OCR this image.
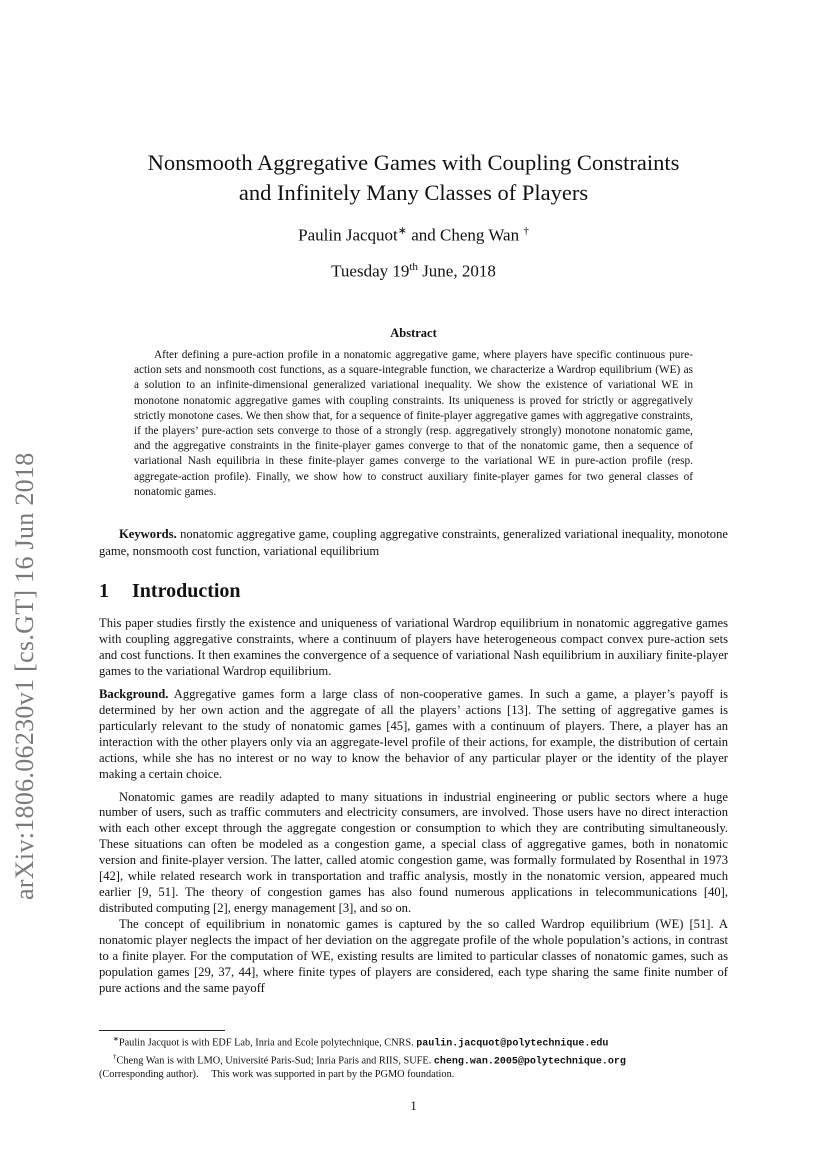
arXiv:1806.06230v1 [cs.GT] 16 Jun 2018
Nonsmooth Aggregative Games with Coupling Constraints
and Infinitely Many Classes of Players
Paulin Jacquot∗ and Cheng Wan †
Tuesday 19th June, 2018
Abstract
After defining a pure-action profile in a nonatomic aggregative game, where players have specific continuous pure-action sets and nonsmooth cost functions, as a square-integrable function, we characterize a Wardrop equilibrium (WE) as a solution to an infinite-dimensional generalized variational inequality. We show the existence of variational WE in monotone nonatomic aggregative games with coupling constraints. Its uniqueness is proved for strictly or aggregatively strictly monotone cases. We then show that, for a sequence of finite-player aggregative games with aggregative constraints, if the players’ pure-action sets converge to those of a strongly (resp. aggregatively strongly) monotone nonatomic game, and the aggregative constraints in the finite-player games converge to that of the nonatomic game, then a sequence of variational Nash equilibria in these finite-player games converge to the variational WE in pure-action profile (resp. aggregate-action profile). Finally, we show how to construct auxiliary finite-player games for two general classes of nonatomic games.
Keywords. nonatomic aggregative game, coupling aggregative constraints, generalized variational inequality, monotone game, nonsmooth cost function, variational equilibrium
1 Introduction

This paper studies firstly the existence and uniqueness of variational Wardrop equilibrium in nonatomic aggregative games with coupling aggregative constraints, where a continuum of players have heterogeneous compact convex pure-action sets and cost functions. It then examines the convergence of a sequence of variational Nash equilibrium in auxiliary finite-player games to the variational Wardrop equilibrium.

Background. Aggregative games form a large class of non-cooperative games. In such a game, a player’s payoff is determined by her own action and the aggregate of all the players’ actions [13]. The setting of aggregative games is particularly relevant to the study of nonatomic games [45], games with a continuum of players. There, a player has an interaction with the other players only via an aggregate-level profile of their actions, for example, the distribution of certain actions, while she has no interest or no way to know the behavior of any particular player or the identity of the player making a certain choice.

Nonatomic games are readily adapted to many situations in industrial engineering or public sectors where a huge number of users, such as traffic commuters and electricity consumers, are involved. Those users have no direct interaction with each other except through the aggregate congestion or consumption to which they are contributing simultaneously. These situations can often be modeled as a congestion game, a special class of aggregative games, both in nonatomic version and finite-player version. The latter, called atomic congestion game, was formally formulated by Rosenthal in 1973 [42], while related research work in transportation and traffic analysis, mostly in the nonatomic version, appeared much earlier [9, 51]. The theory of congestion games has also found numerous applications in telecommunications [40], distributed computing [2], energy management [3], and so on.

The concept of equilibrium in nonatomic games is captured by the so called Wardrop equilibrium (WE) [51]. A nonatomic player neglects the impact of her deviation on the aggregate profile of the whole population’s actions, in contrast to a finite player. For the computation of WE, existing results are limited to particular classes of nonatomic games, such as population games [29, 37, 44], where finite types of players are considered, each type sharing the same finite number of pure actions and the same payoff

∗Paulin Jacquot is with EDF Lab, Inria and Ecole polytechnique, CNRS. paulin.jacquot@polytechnique.edu
†Cheng Wan is with LMO, Université Paris-Sud; Inria Paris and RIIS, SUFE. cheng.wan.2005@polytechnique.org
(Corresponding author).     This work was supported in part by the PGMO foundation.
1
